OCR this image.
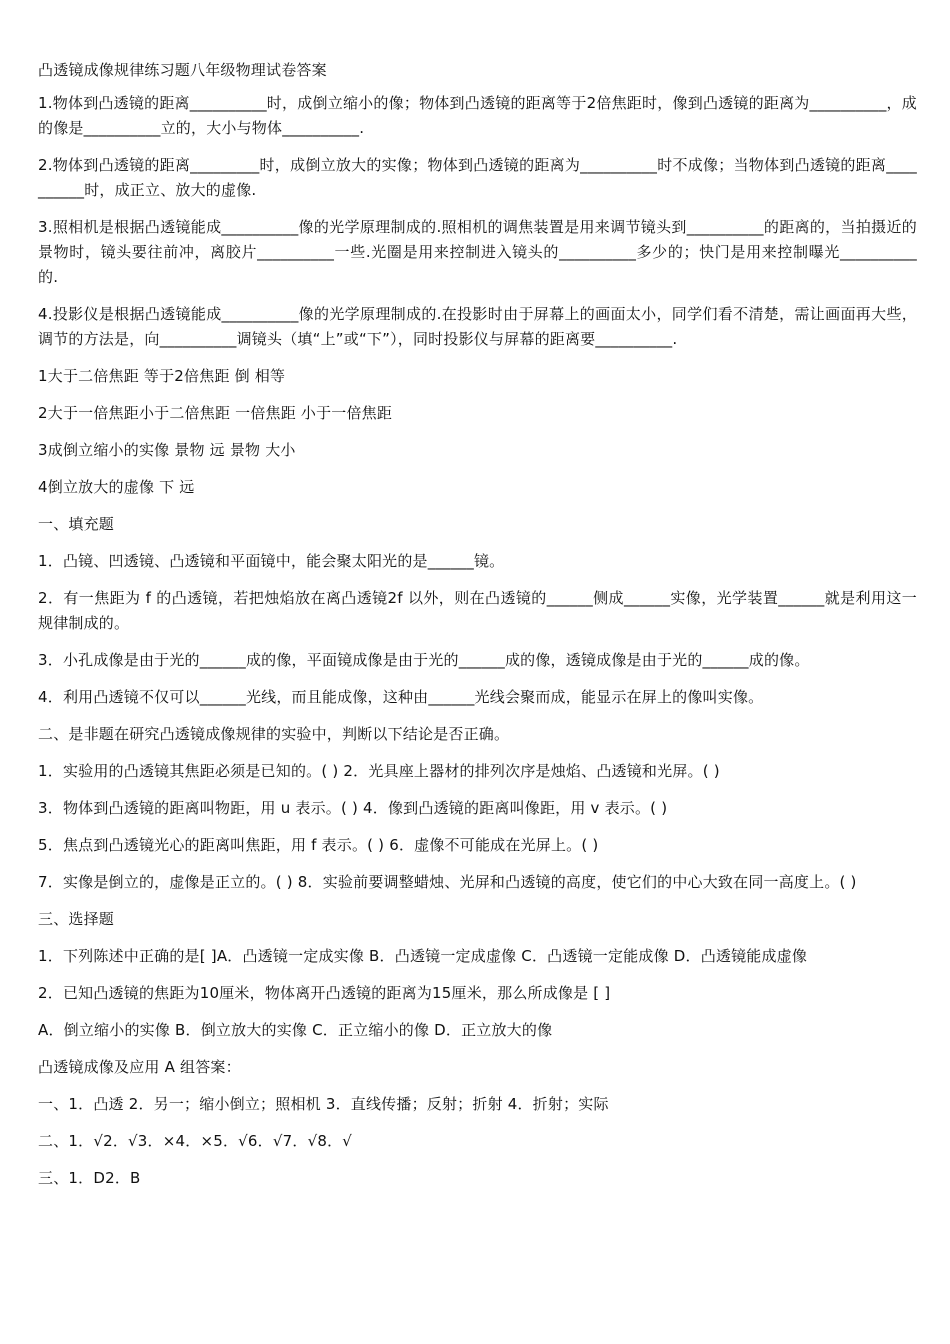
凸透镜成像规律练习题八年级物理试卷答案

1.物体到凸透镜的距离__________时，成倒立缩小的像；物体到凸透镜的距离等于2倍焦距时，像到凸透镜的距离为__________，成的像是__________立的，大小与物体__________.

2.物体到凸透镜的距离_________时，成倒立放大的实像；物体到凸透镜的距离为__________时不成像；当物体到凸透镜的距离__________时，成正立、放大的虚像.

3.照相机是根据凸透镜能成__________像的光学原理制成的.照相机的调焦装置是用来调节镜头到__________的距离的，当拍摄近的景物时，镜头要往前冲，离胶片__________一些.光圈是用来控制进入镜头的__________多少的；快门是用来控制曝光__________的.

4.投影仪是根据凸透镜能成__________像的光学原理制成的.在投影时由于屏幕上的画面太小，同学们看不清楚，需让画面再大些，调节的方法是，向__________调镜头（填“上”或“下”），同时投影仪与屏幕的距离要__________.

1大于二倍焦距 等于2倍焦距 倒 相等

2大于一倍焦距小于二倍焦距 一倍焦距 小于一倍焦距

3成倒立缩小的实像 景物 远 景物 大小

4倒立放大的虚像 下 远

一、填充题

1．凸镜、凹透镜、凸透镜和平面镜中，能会聚太阳光的是______镜。

2．有一焦距为 f 的凸透镜，若把烛焰放在离凸透镜2f 以外，则在凸透镜的______侧成______实像，光学装置______就是利用这一规律制成的。

3．小孔成像是由于光的______成的像，平面镜成像是由于光的______成的像，透镜成像是由于光的______成的像。

4．利用凸透镜不仅可以______光线，而且能成像，这种由______光线会聚而成，能显示在屏上的像叫实像。

二、是非题在研究凸透镜成像规律的实验中，判断以下结论是否正确。

1．实验用的凸透镜其焦距必须是已知的。( ) 2．光具座上器材的排列次序是烛焰、凸透镜和光屏。( )

3．物体到凸透镜的距离叫物距，用 u 表示。( ) 4．像到凸透镜的距离叫像距，用 v 表示。( )

5．焦点到凸透镜光心的距离叫焦距，用 f 表示。( ) 6．虚像不可能成在光屏上。( )

7．实像是倒立的，虚像是正立的。( ) 8．实验前要调整蜡烛、光屏和凸透镜的高度，使它们的中心大致在同一高度上。( )

三、选择题

1．下列陈述中正确的是[ ]A．凸透镜一定成实像 B．凸透镜一定成虚像 C．凸透镜一定能成像 D．凸透镜能成虚像

2．已知凸透镜的焦距为10厘米，物体离开凸透镜的距离为15厘米，那么所成像是 [ ]

A．倒立缩小的实像 B．倒立放大的实像 C．正立缩小的像 D．正立放大的像

凸透镜成像及应用 A 组答案：

一、1．凸透 2．另一；缩小倒立；照相机 3．直线传播；反射；折射 4．折射；实际

二、1．√2．√3．×4．×5．√6．√7．√8．√

三、1．D2．B
